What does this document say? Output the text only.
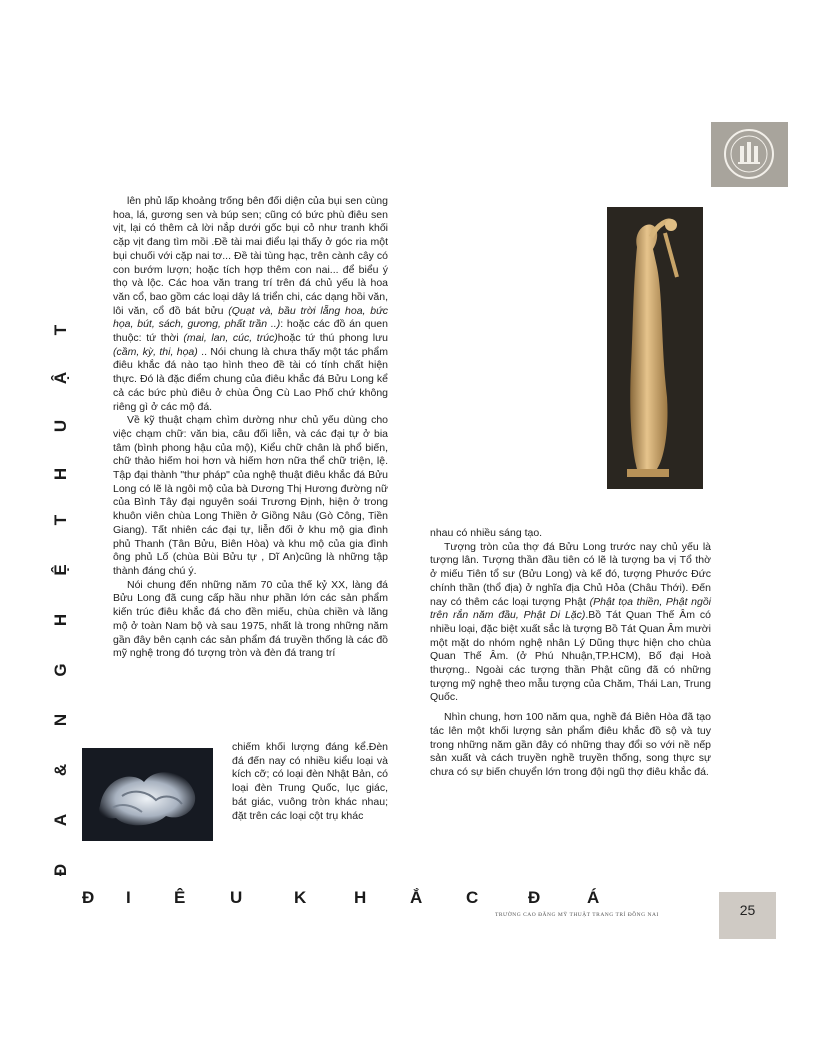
T
Ậ
U
H
T
Ệ
H
G
N
&
A
Đ

lên phủ lấp khoảng trống bên đối diện của bụi sen cùng hoa, lá, gương sen và búp sen; cũng có bức phù điêu sen vịt, lại có thêm cả lời nắp dưới gốc bụi cỏ như tranh khối cặp vịt đang tìm mồi .Đề tài mai điểu lại thấy ở góc ria một bụi chuối với cặp nai tơ... Đề tài tùng hạc, trên cành cây có con bướm lượn; hoặc tích hợp thêm con nai... để biểu ý thọ và lộc. Các hoa văn trang trí trên đá chủ yếu là hoa văn cổ, bao gồm các loại dây lá triển chi, các dạng hồi văn, lôi văn, cổ đồ bát bửu (Quạt và, bầu trời lẵng hoa, bức họa, bút, sách, gương, phất trần ..): hoặc các đồ án quen thuộc: tứ thời (mai, lan, cúc, trúc)hoặc tứ thú phong lưu (cầm, kỳ, thi, họa) .. Nói chung là chưa thấy một tác phẩm điêu khắc đá nào tạo hình theo đề tài có tính chất hiện thực. Đó là đặc điểm chung của điêu khắc đá Bửu Long kể cả các bức phù điêu ở chùa Ông Cù Lao Phố chứ không riêng gì ở các mộ đá.

Về kỹ thuật chạm chìm dường như chủ yếu dùng cho việc chạm chữ: văn bia, câu đối liễn, và các đại tự ở bia tâm (bình phong hậu của mộ), Kiểu chữ chân là phổ biến, chữ thảo hiếm hoi hơn và hiếm hơn nữa thể chữ triện, lệ. Tập đại thành "thư pháp" của nghệ thuật điêu khắc đá Bửu Long có lẽ là ngôi mộ của bà Dương Thị Hương đường nữ của Bình Tây đại nguyên soái Trương Định, hiện ở trong khuôn viên chùa Long Thiền ở Giồng Nâu (Gò Công, Tiền Giang). Tất nhiên các đại tự, liễn đối ở khu mộ gia đình phủ Thanh (Tân Bửu, Biên Hòa) và khu mộ của gia đình ông phủ Lố (chùa Bùi Bửu tự , Dĩ An)cũng là những tập thành đáng chú ý.

Nói chung đến những năm 70 của thế kỷ XX, làng đá Bửu Long đã cung cấp hầu như phần lớn các sản phẩm kiến trúc điêu khắc đá cho đền miếu, chùa chiền và lăng mộ ở toàn Nam bộ và sau 1975, nhất là trong những năm gần đây bên cạnh các sản phẩm đá truyền thống là các đồ mỹ nghệ trong đó tượng tròn và đèn đá trang trí

chiếm khối lượng đáng kể.Đèn đá đến nay có nhiều kiểu loại và kích cỡ; có loại đèn Nhật Bản, có loại đèn Trung Quốc, lục giác, bát giác, vuông tròn khác nhau; đặt trên các loại cột trụ khác

nhau có nhiều sáng tạo.

Tượng tròn của thợ đá Bửu Long trước nay chủ yếu là tượng lân. Tượng thần đầu tiên có lẽ là tượng ba vị Tổ thờ ở miếu Tiên tổ sư (Bửu Long) và kế đó, tượng Phước Đức chính thần (thổ địa) ở nghĩa địa Chủ Hỏa (Châu Thới). Đến nay có thêm các loại tượng Phật (Phật tọa thiền, Phật ngồi trên rắn năm đầu, Phật Di Lặc).Bồ Tát Quan Thế Âm có nhiều loại, đặc biệt xuất sắc là tượng Bồ Tát Quan Âm mười một mặt do nhóm nghệ nhân Lý Dũng thực hiện cho chùa Quan Thế Âm. (ở Phú Nhuận,TP.HCM), Bố đại Hoà thượng.. Ngoài các tượng thần Phật cũng đã có những tượng mỹ nghệ theo mẫu tượng của Chăm, Thái Lan, Trung Quốc.

Nhìn chung, hơn 100 năm qua, nghề đá Biên Hòa đã tạo tác lên một khối lượng sản phẩm điêu khắc đồ sộ và tuy trong những năm gần đây có những thay đổi so với nề nếp sản xuất và cách truyền nghề truyền thống, song thực sự chưa có sự biến chuyển lớn trong đội ngũ thợ điêu khắc đá.

Đ I	Ê	U	K	H	Ắ	C	Đ	Á
TRƯỜNG CAO ĐẲNG MỸ THUẬT TRANG TRÍ ĐỒNG NAI	25
